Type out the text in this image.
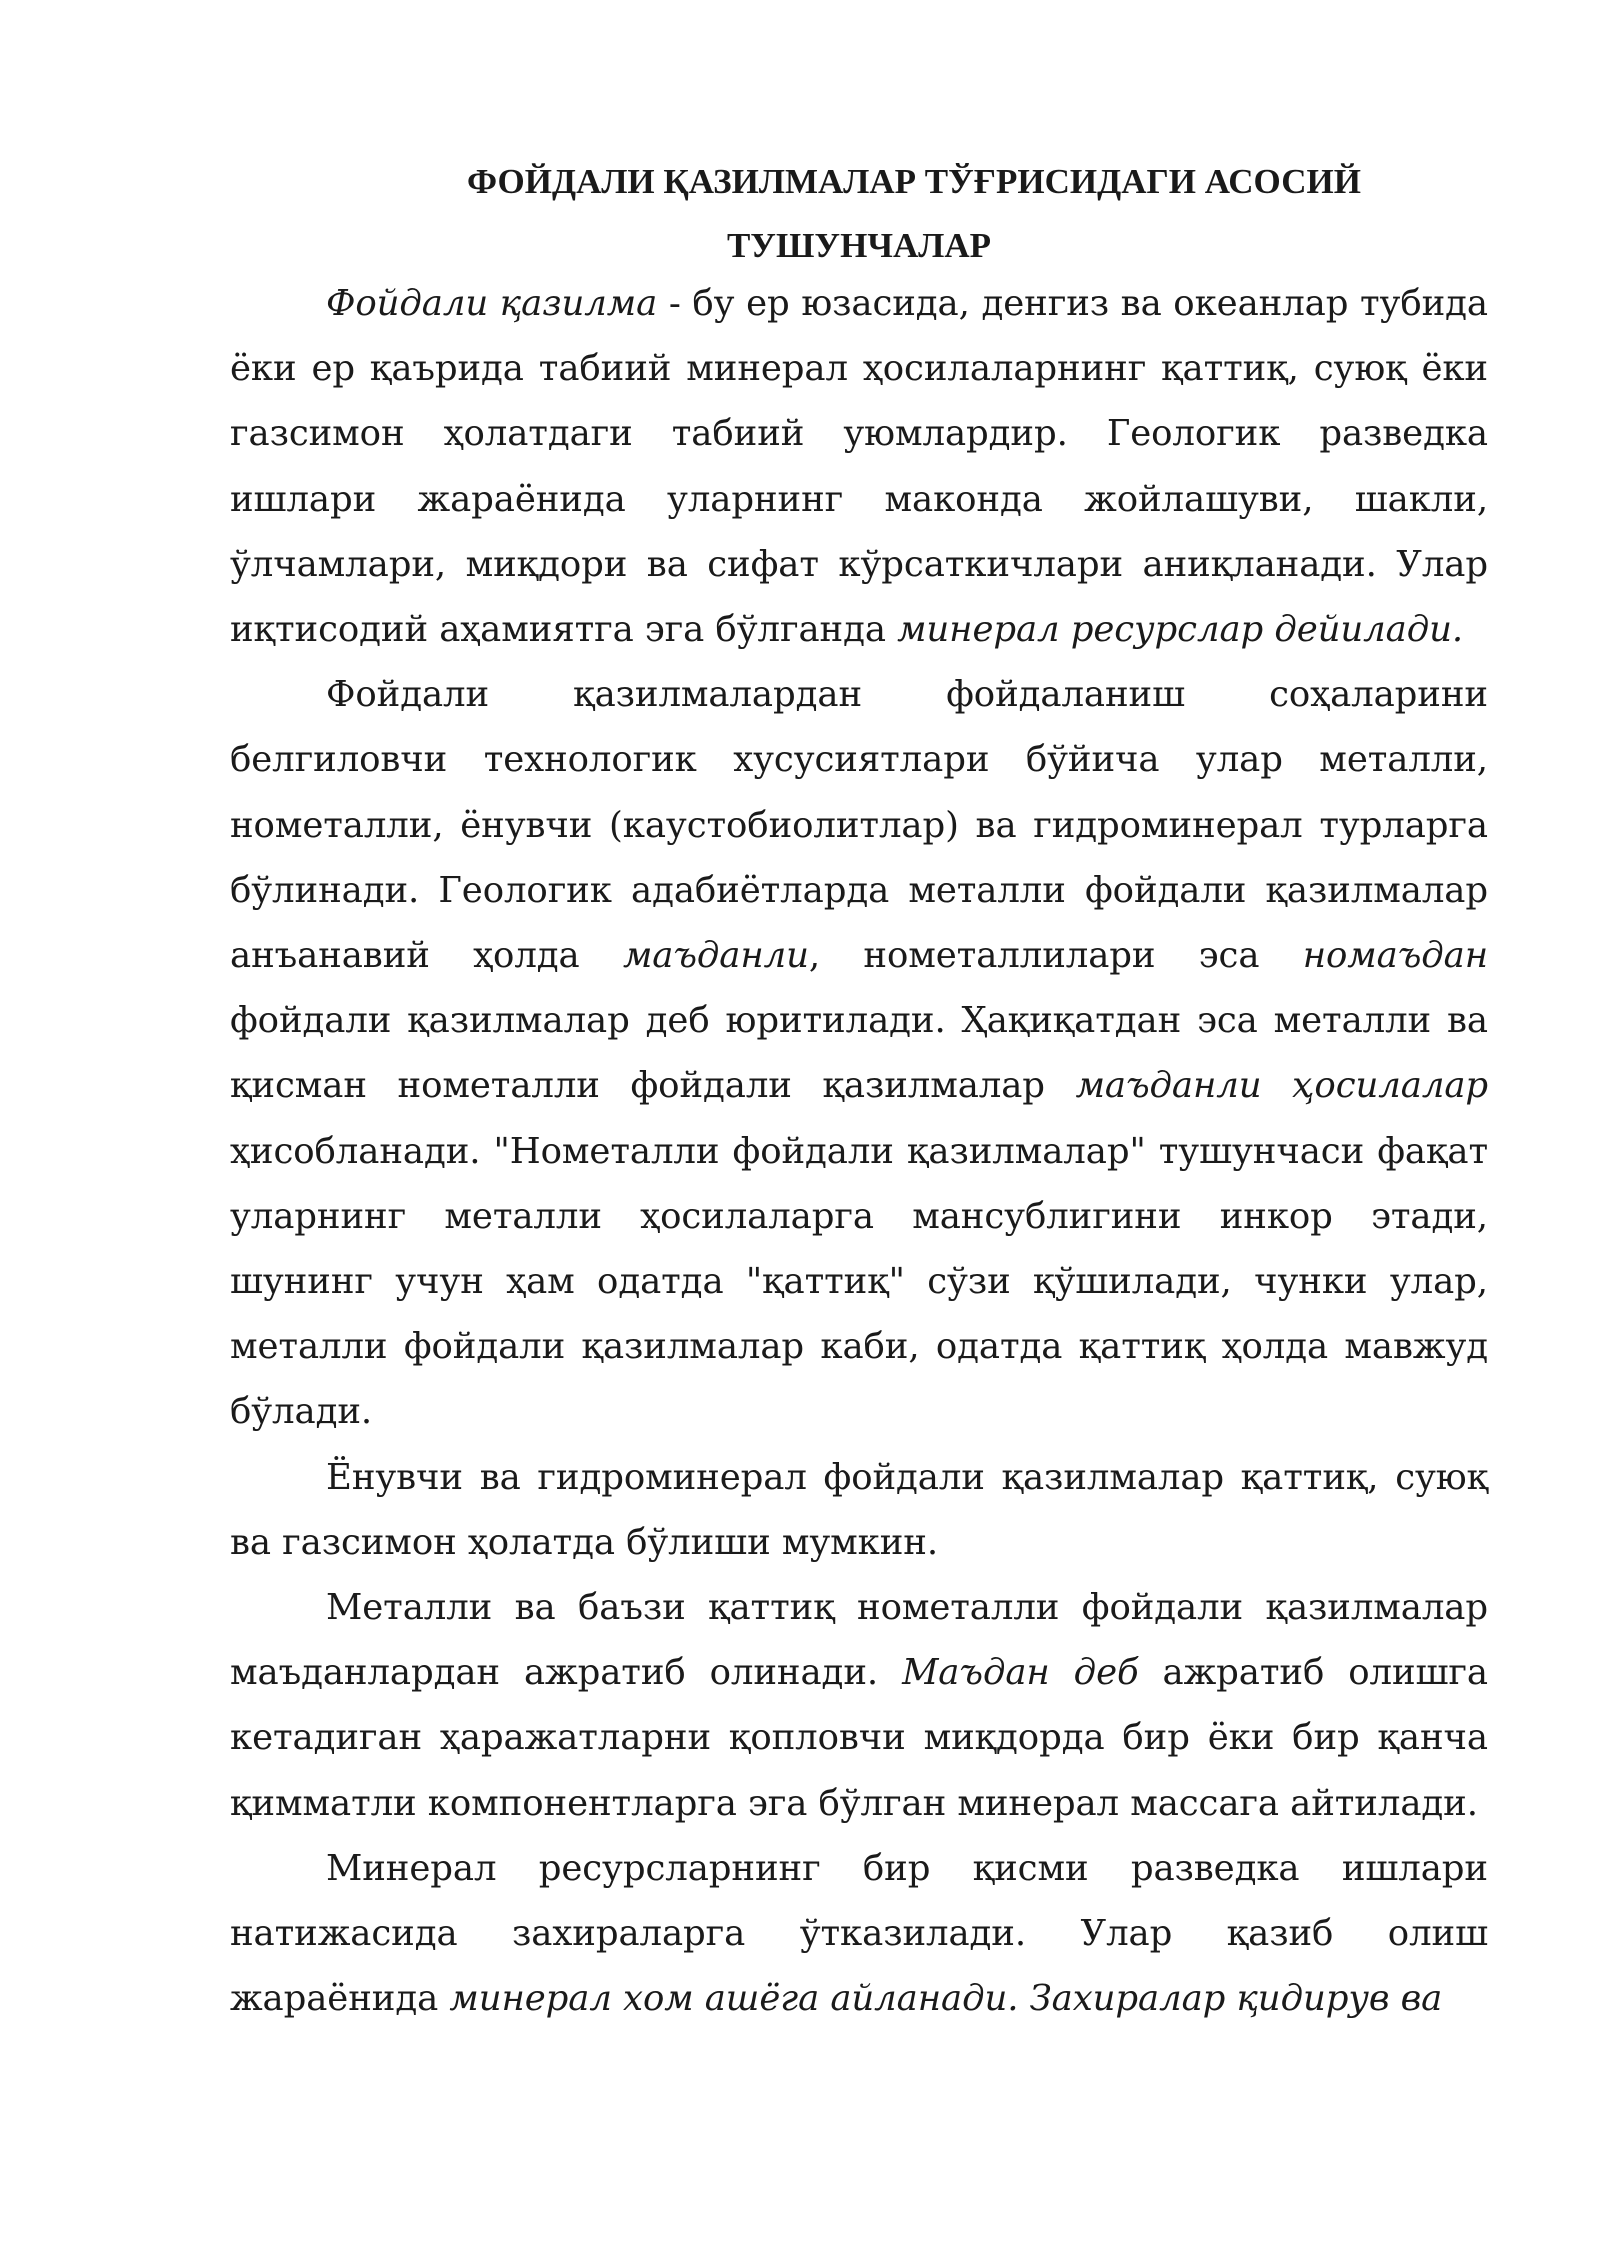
ФОЙДАЛИ ҚАЗИЛМАЛАР ТЎҒРИСИДАГИ АСОСИЙ
ТУШУНЧАЛАР

Фойдали қазилма - бу ер юзасида, денгиз ва океанлар тубида ёки ер қаърида табиий минерал ҳосилаларнинг қаттиқ, суюқ ёки газсимон ҳолатдаги табиий уюмлардир. Геологик разведка ишлари жараёнида уларнинг маконда жойлашуви, шакли, ўлчамлари, миқдори ва сифат кўрсаткичлари аниқланади. Улар иқтисодий аҳамиятга эга бўлганда минерал ресурслар дейилади.

Фойдали қазилмалардан фойдаланиш соҳаларини белгиловчи технологик хусусиятлари бўйича улар металли, нометалли, ёнувчи (каустобиолитлар) ва гидроминерал турларга бўлинади. Геологик адабиётларда металли фойдали қазилмалар анъанавий ҳолда маъданли, нометаллилари эса номаъдан фойдали қазилмалар деб юритилади. Ҳақиқатдан эса металли ва қисман нометалли фойдали қазилмалар маъданли ҳосилалар ҳисобланади. "Нометалли фойдали қазилмалар" тушунчаси фақат уларнинг металли ҳосилаларга мансублигини инкор этади, шунинг учун ҳам одатда "қаттиқ" сўзи қўшилади, чунки улар, металли фойдали қазилмалар каби, одатда қаттиқ ҳолда мавжуд бўлади.

Ёнувчи ва гидроминерал фойдали қазилмалар қаттиқ, суюқ ва газсимон ҳолатда бўлиши мумкин.

Металли ва баъзи қаттиқ нометалли фойдали қазилмалар маъданлардан ажратиб олинади. Маъдан деб ажратиб олишга кетадиган ҳаражатларни қопловчи миқдорда бир ёки бир қанча қимматли компонентларга эга бўлган минерал массага айтилади.

Минерал ресурсларнинг бир қисми разведка ишлари натижасида захираларга ўтказилади. Улар қазиб олиш жараёнида минерал хом ашёга айланади. Захиралар қидирув ва
